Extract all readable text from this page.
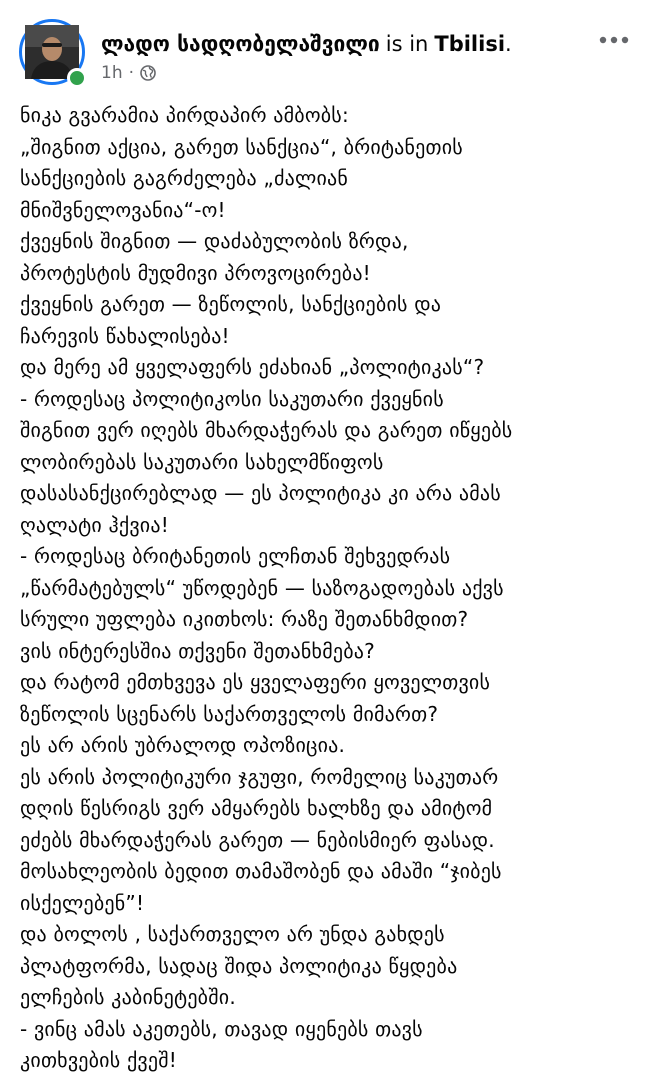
ლადო სადღობელაშვილი is in Tbilisi.
1h ·
ნიკა გვარამია პირდაპირ ამბობს:
„შიგნით აქცია, გარეთ სანქცია“, ბრიტანეთის
სანქციების გაგრძელება „ძალიან
მნიშვნელოვანია“-ო!
ქვეყნის შიგნით — დაძაბულობის ზრდა,
პროტესტის მუდმივი პროვოცირება!
ქვეყნის გარეთ — ზეწოლის, სანქციების და
ჩარევის წახალისება!
და მერე ამ ყველაფერს ეძახიან „პოლიტიკას“?
- როდესაც პოლიტიკოსი საკუთარი ქვეყნის
შიგნით ვერ იღებს მხარდაჭერას და გარეთ იწყებს
ლობირებას საკუთარი სახელმწიფოს
დასასანქცირებლად — ეს პოლიტიკა კი არა ამას
ღალატი ჰქვია!
- როდესაც ბრიტანეთის ელჩთან შეხვედრას
„წარმატებულს“ უწოდებენ — საზოგადოებას აქვს
სრული უფლება იკითხოს: რაზე შეთანხმდით?
ვის ინტერესშია თქვენი შეთანხმება?
და რატომ ემთხვევა ეს ყველაფერი ყოველთვის
ზეწოლის სცენარს საქართველოს მიმართ?
ეს არ არის უბრალოდ ოპოზიცია.
ეს არის პოლიტიკური ჯგუფი, რომელიც საკუთარ
დღის წესრიგს ვერ ამყარებს ხალხზე და ამიტომ
ეძებს მხარდაჭერას გარეთ — ნებისმიერ ფასად.
მოსახლეობის ბედით თამაშობენ და ამაში “ჯიბეს
ისქელებენ”!
და ბოლოს , საქართველო არ უნდა გახდეს
პლატფორმა, სადაც შიდა პოლიტიკა წყდება
ელჩების კაბინეტებში.
- ვინც ამას აკეთებს, თავად იყენებს თავს
კითხვების ქვეშ!
